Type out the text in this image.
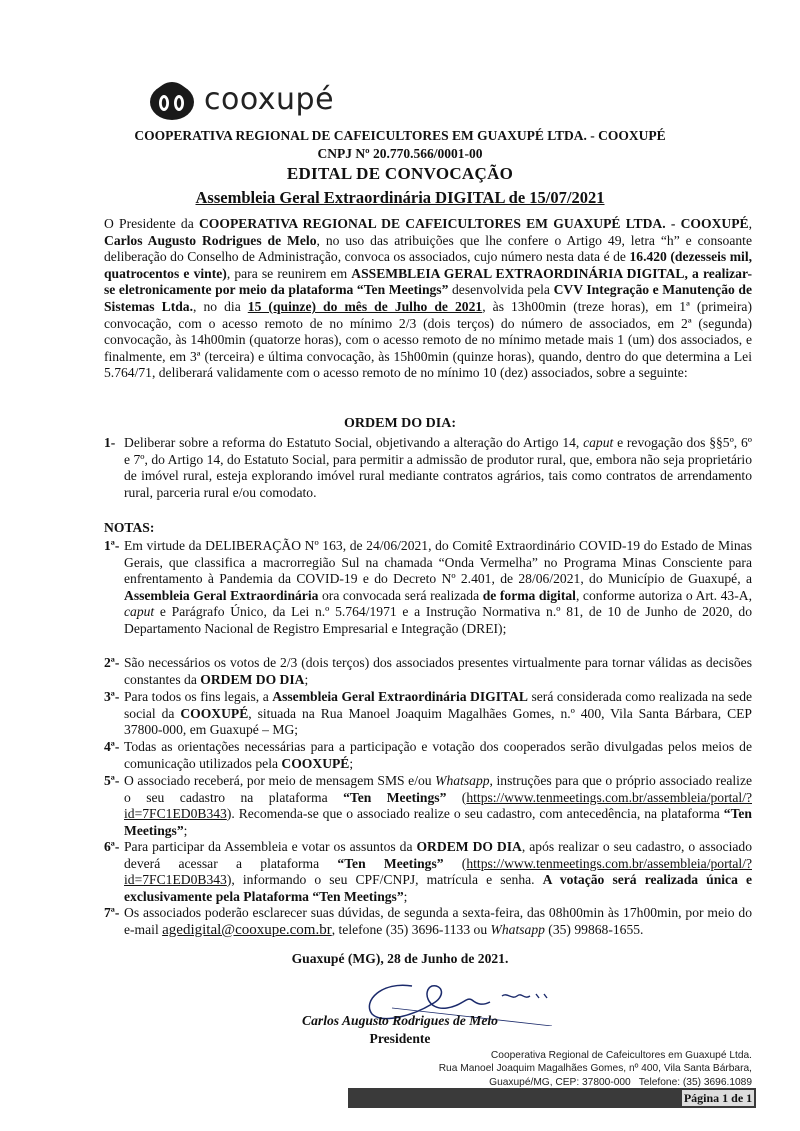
cooxupé
COOPERATIVA REGIONAL DE CAFEICULTORES EM GUAXUPÉ LTDA. - COOXUPÉ
CNPJ Nº 20.770.566/0001-00
EDITAL DE CONVOCAÇÃO
Assembleia Geral Extraordinária DIGITAL de 15/07/2021
O Presidente da COOPERATIVA REGIONAL DE CAFEICULTORES EM GUAXUPÉ LTDA. - COOXUPÉ, Carlos Augusto Rodrigues de Melo, no uso das atribuições que lhe confere o Artigo 49, letra “h” e consoante deliberação do Conselho de Administração, convoca os associados, cujo número nesta data é de 16.420 (dezesseis mil, quatrocentos e vinte), para se reunirem em ASSEMBLEIA GERAL EXTRAORDINÁRIA DIGITAL, a realizar-se eletronicamente por meio da plataforma “Ten Meetings” desenvolvida pela CVV Integração e Manutenção de Sistemas Ltda., no dia 15 (quinze) do mês de Julho de 2021, às 13h00min (treze horas), em 1ª (primeira) convocação, com o acesso remoto de no mínimo 2/3 (dois terços) do número de associados, em 2ª (segunda) convocação, às 14h00min (quatorze horas), com o acesso remoto de no mínimo metade mais 1 (um) dos associados, e finalmente, em 3ª (terceira) e última convocação, às 15h00min (quinze horas), quando, dentro do que determina a Lei 5.764/71, deliberará validamente com o acesso remoto de no mínimo 10 (dez) associados, sobre a seguinte:
ORDEM DO DIA:
1- Deliberar sobre a reforma do Estatuto Social, objetivando a alteração do Artigo 14, caput e revogação dos §§5º, 6º e 7º, do Artigo 14, do Estatuto Social, para permitir a admissão de produtor rural, que, embora não seja proprietário de imóvel rural, esteja explorando imóvel rural mediante contratos agrários, tais como contratos de arrendamento rural, parceria rural e/ou comodato.
NOTAS:
1ª- Em virtude da DELIBERAÇÃO Nº 163, de 24/06/2021, do Comitê Extraordinário COVID-19 do Estado de Minas Gerais, que classifica a macrorregião Sul na chamada “Onda Vermelha” no Programa Minas Consciente para enfrentamento à Pandemia da COVID-19 e do Decreto Nº 2.401, de 28/06/2021, do Município de Guaxupé, a Assembleia Geral Extraordinária ora convocada será realizada de forma digital, conforme autoriza o Art. 43-A, caput e Parágrafo Único, da Lei n.º 5.764/1971 e a Instrução Normativa n.º 81, de 10 de Junho de 2020, do Departamento Nacional de Registro Empresarial e Integração (DREI);
2ª- São necessários os votos de 2/3 (dois terços) dos associados presentes virtualmente para tornar válidas as decisões constantes da ORDEM DO DIA;
3ª- Para todos os fins legais, a Assembleia Geral Extraordinária DIGITAL será considerada como realizada na sede social da COOXUPÉ, situada na Rua Manoel Joaquim Magalhães Gomes, n.º 400, Vila Santa Bárbara, CEP 37800-000, em Guaxupé – MG;
4ª- Todas as orientações necessárias para a participação e votação dos cooperados serão divulgadas pelos meios de comunicação utilizados pela COOXUPÉ;
5ª- O associado receberá, por meio de mensagem SMS e/ou Whatsapp, instruções para que o próprio associado realize o seu cadastro na plataforma “Ten Meetings” (https://www.tenmeetings.com.br/assembleia/portal/?id=7FC1ED0B343). Recomenda-se que o associado realize o seu cadastro, com antecedência, na plataforma “Ten Meetings”;
6ª- Para participar da Assembleia e votar os assuntos da ORDEM DO DIA, após realizar o seu cadastro, o associado deverá acessar a plataforma “Ten Meetings” (https://www.tenmeetings.com.br/assembleia/portal/?id=7FC1ED0B343), informando o seu CPF/CNPJ, matrícula e senha. A votação será realizada única e exclusivamente pela Plataforma “Ten Meetings”;
7ª- Os associados poderão esclarecer suas dúvidas, de segunda a sexta-feira, das 08h00min às 17h00min, por meio do e-mail agedigital@cooxupe.com.br, telefone (35) 3696-1133 ou Whatsapp (35) 99868-1655.
Guaxupé (MG), 28 de Junho de 2021.
Carlos Augusto Rodrigues de Melo
Presidente
Cooperativa Regional de Cafeicultores em Guaxupé Ltda.
Rua Manoel Joaquim Magalhães Gomes, nº 400, Vila Santa Bárbara,
Guaxupé/MG, CEP: 37800-000 Telefone: (35) 3696.1089
Página 1 de 1
